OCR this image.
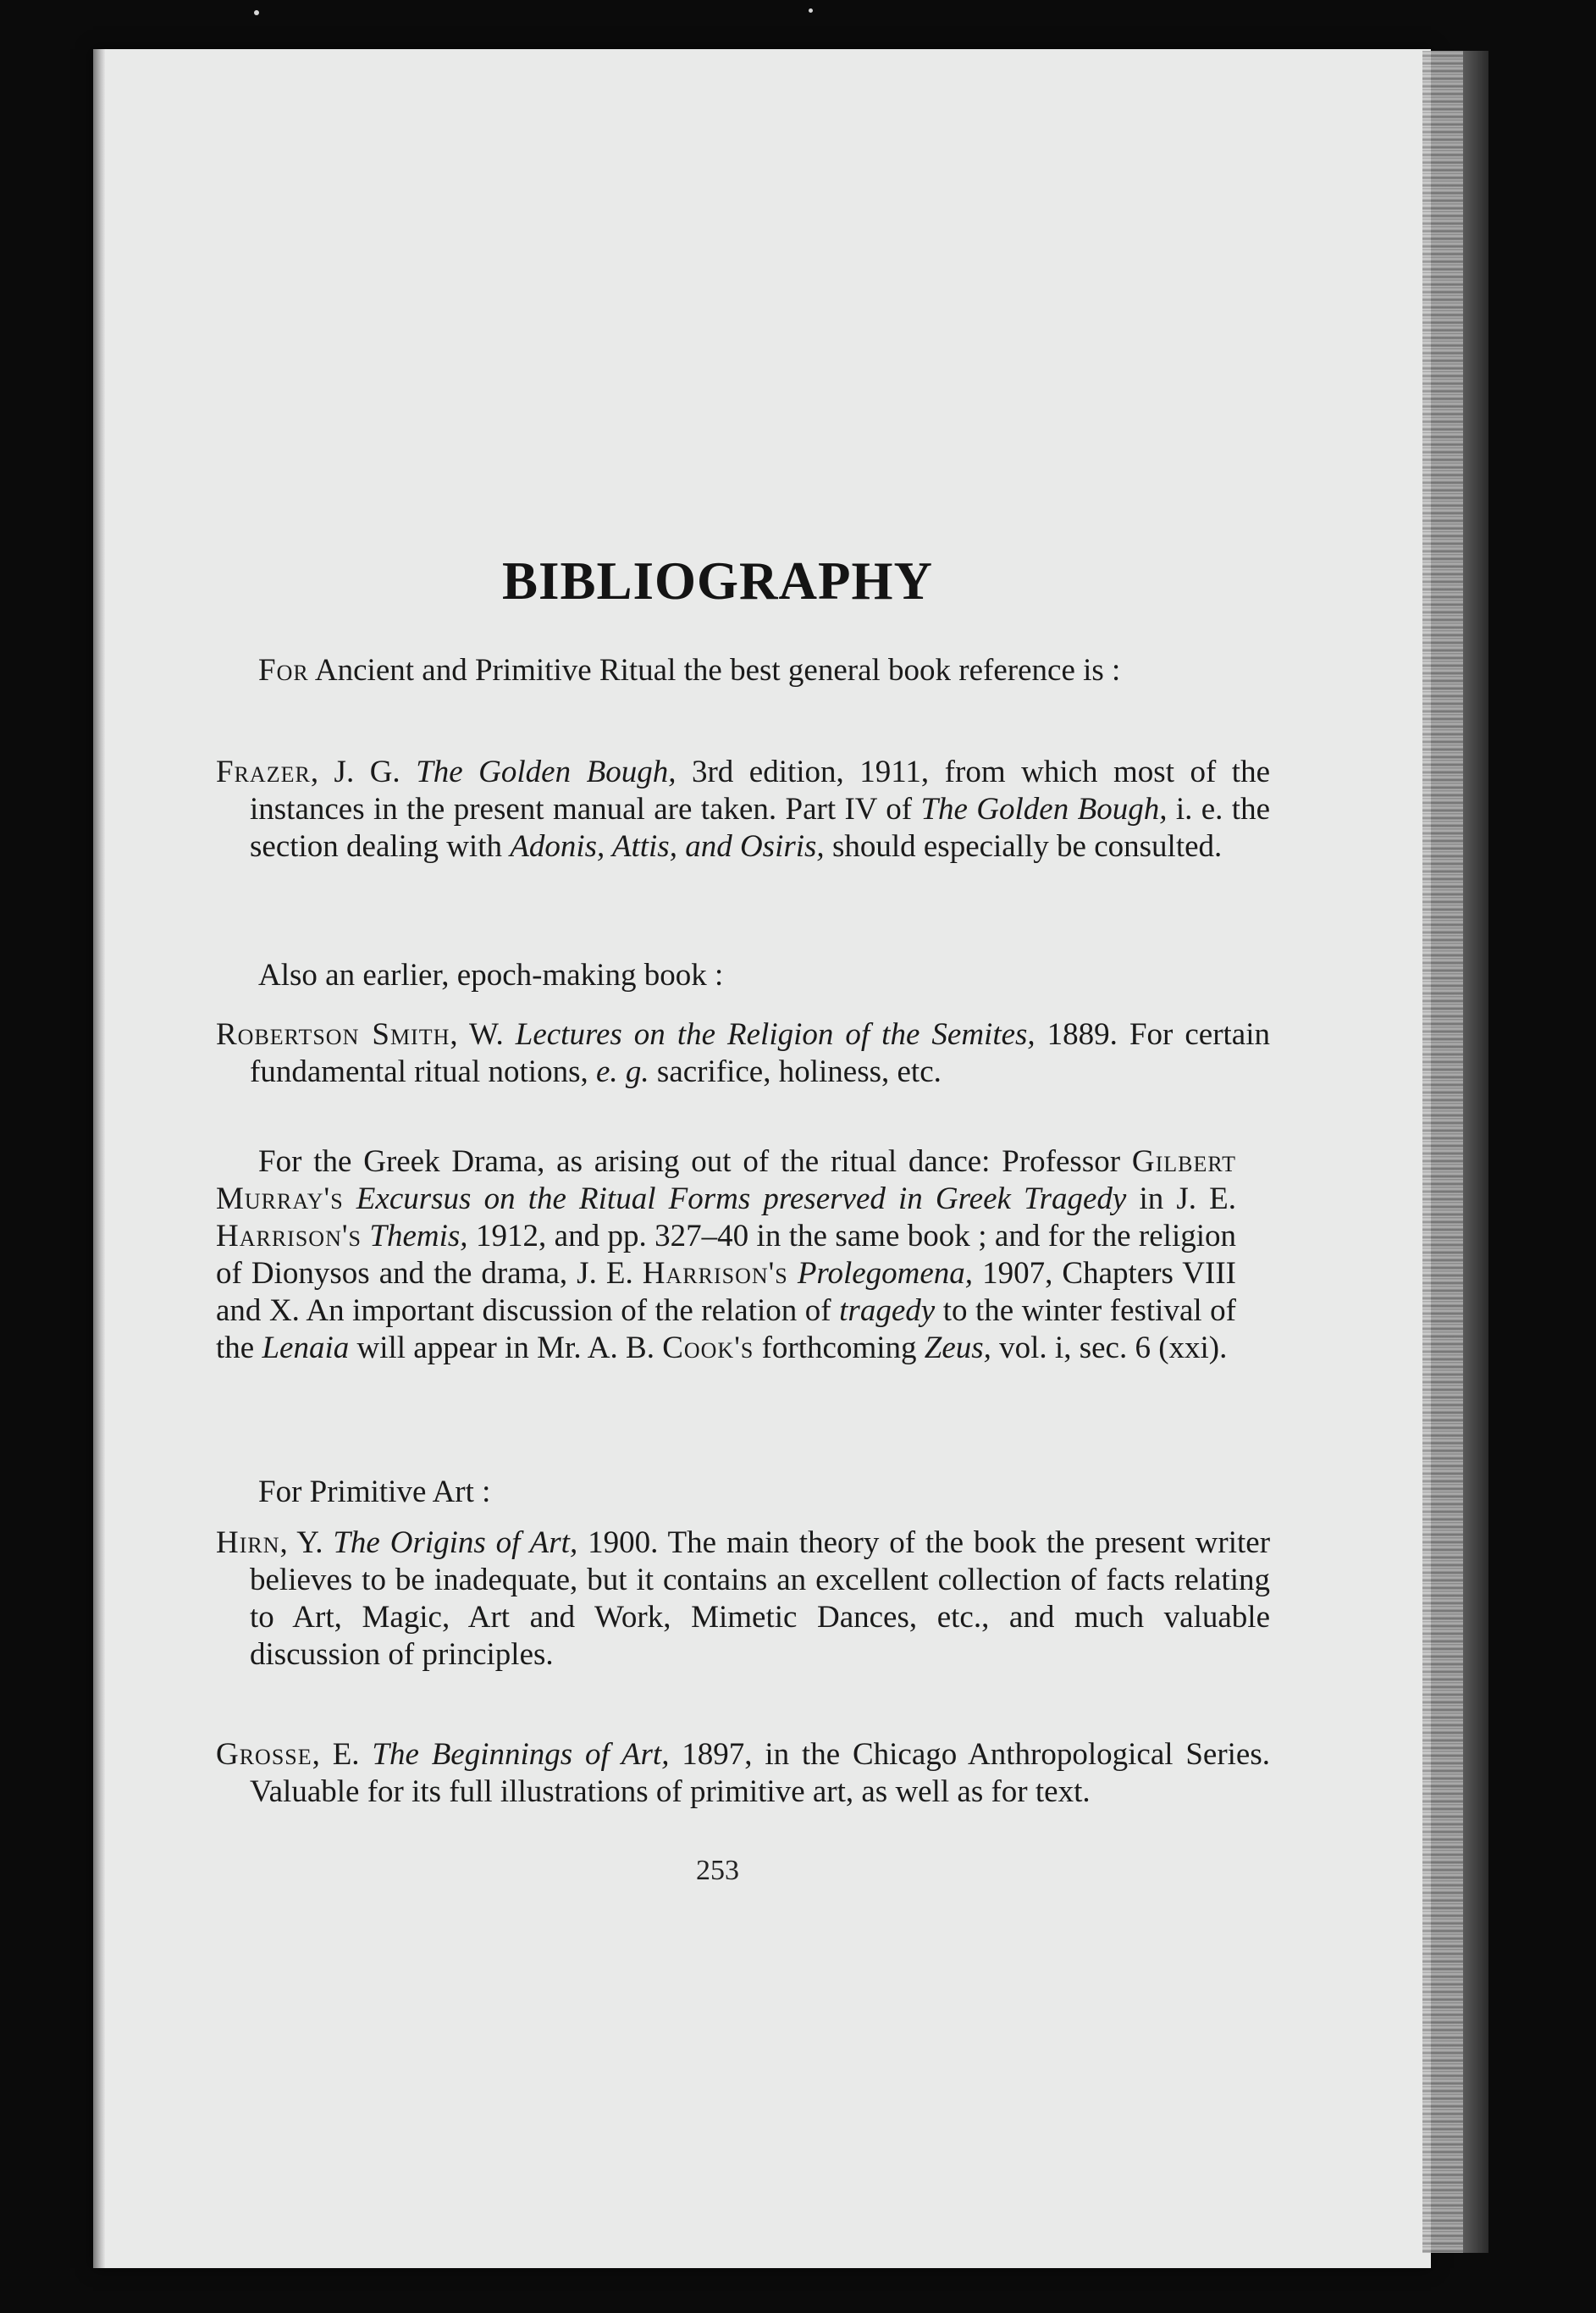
BIBLIOGRAPHY
For Ancient and Primitive Ritual the best general book reference is :
Frazer, J. G. The Golden Bough, 3rd edition, 1911, from which most of the instances in the present manual are taken. Part IV of The Golden Bough, i. e. the section dealing with Adonis, Attis, and Osiris, should especially be consulted.
Also an earlier, epoch-making book :
Robertson Smith, W. Lectures on the Religion of the Semites, 1889. For certain fundamental ritual notions, e. g. sacrifice, holiness, etc.
For the Greek Drama, as arising out of the ritual dance: Professor Gilbert Murray's Excursus on the Ritual Forms preserved in Greek Tragedy in J. E. Harrison's Themis, 1912, and pp. 327–40 in the same book ; and for the religion of Dionysos and the drama, J. E. Harrison's Prolegomena, 1907, Chapters VIII and X. An important discussion of the relation of tragedy to the winter festival of the Lenaia will appear in Mr. A. B. Cook's forthcoming Zeus, vol. i, sec. 6 (xxi).
For Primitive Art :
Hirn, Y. The Origins of Art, 1900. The main theory of the book the present writer believes to be inadequate, but it contains an excellent collection of facts relating to Art, Magic, Art and Work, Mimetic Dances, etc., and much valuable discussion of principles.
Grosse, E. The Beginnings of Art, 1897, in the Chicago Anthropological Series. Valuable for its full illustrations of primitive art, as well as for text.
253
